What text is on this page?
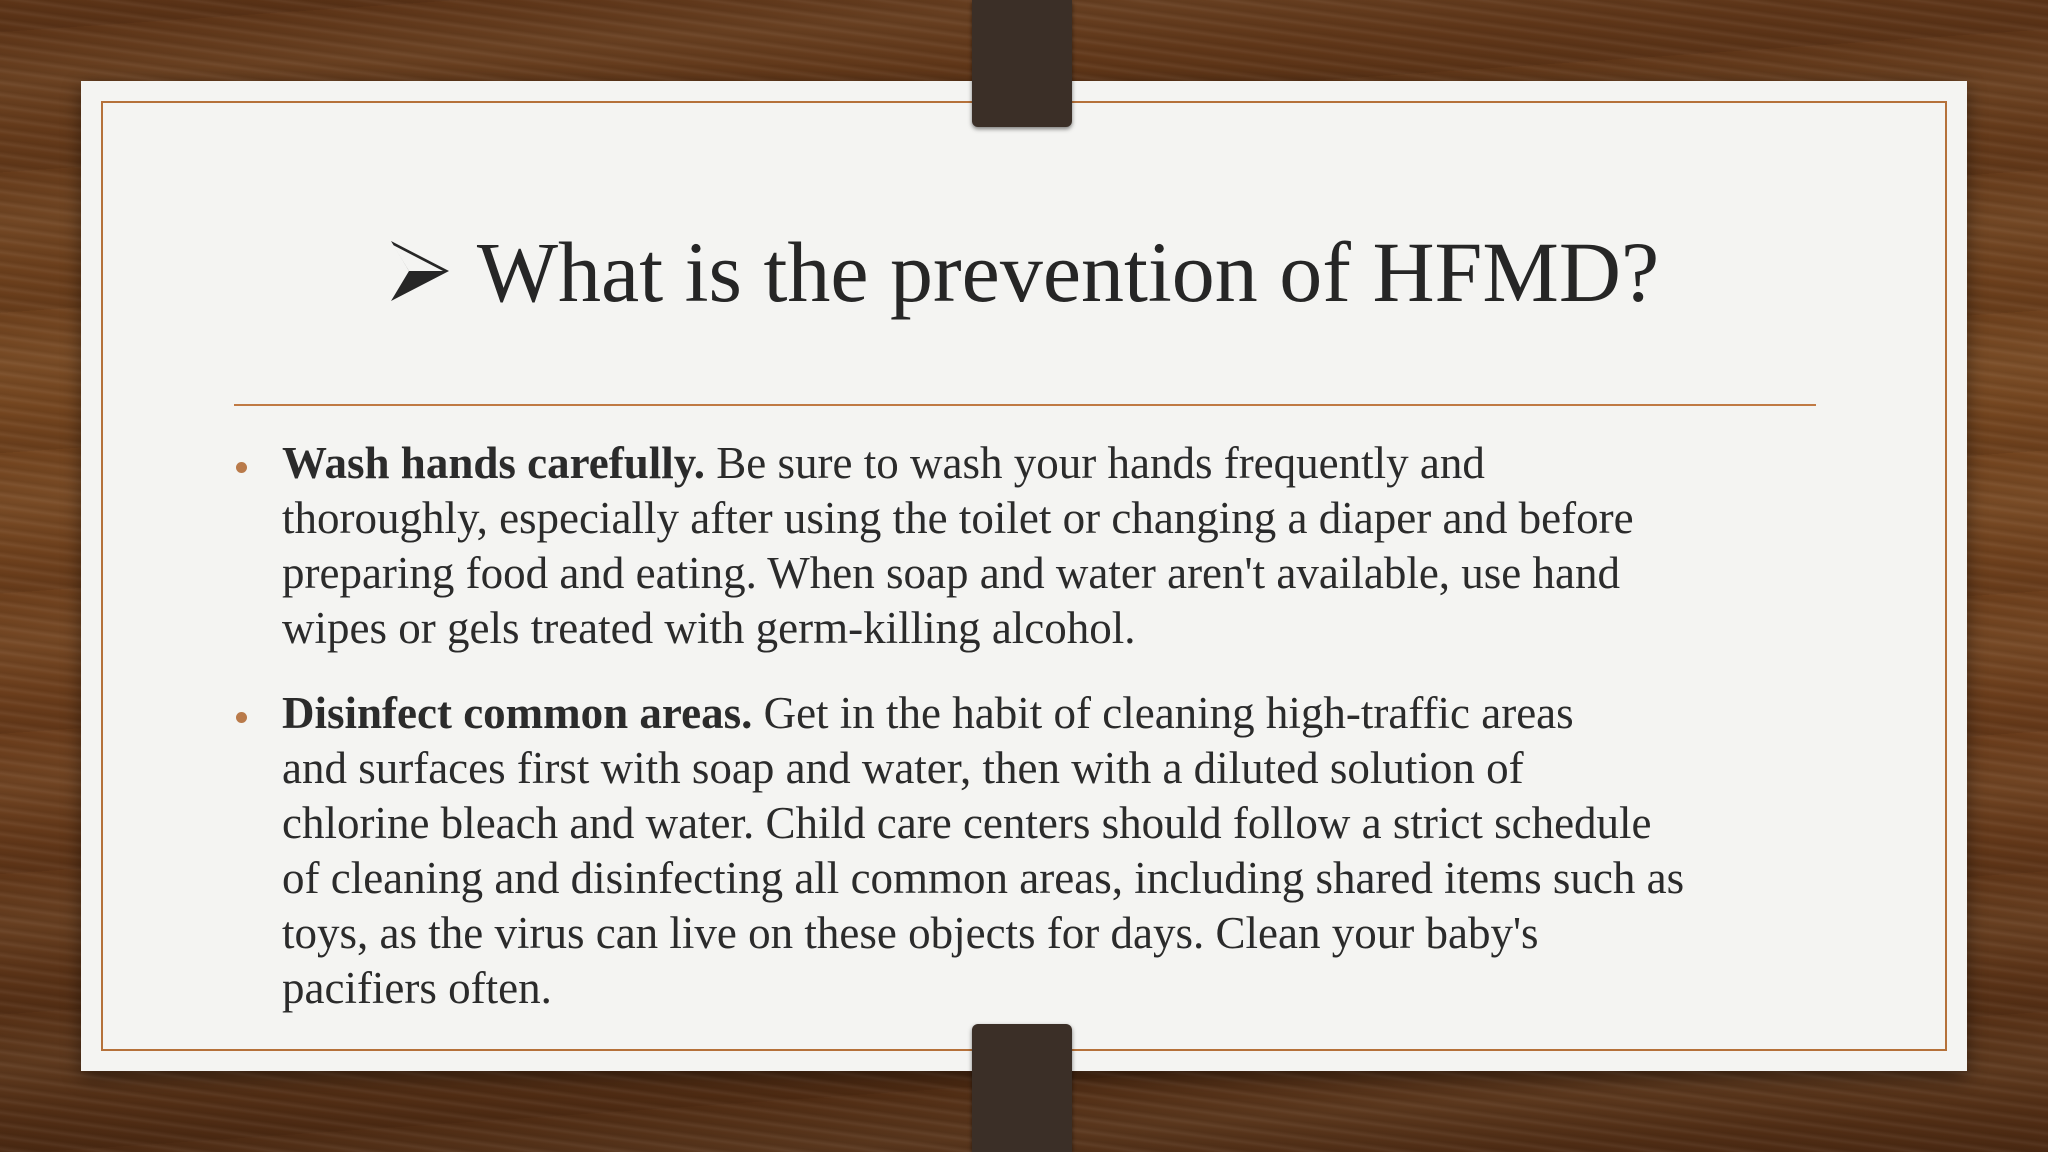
What is the prevention of HFMD?
Wash hands carefully. Be sure to wash your hands frequently and
thoroughly, especially after using the toilet or changing a diaper and before
preparing food and eating. When soap and water aren't available, use hand
wipes or gels treated with germ-killing alcohol.
Disinfect common areas. Get in the habit of cleaning high-traffic areas
and surfaces first with soap and water, then with a diluted solution of
chlorine bleach and water. Child care centers should follow a strict schedule
of cleaning and disinfecting all common areas, including shared items such as
toys, as the virus can live on these objects for days. Clean your baby's
pacifiers often.
